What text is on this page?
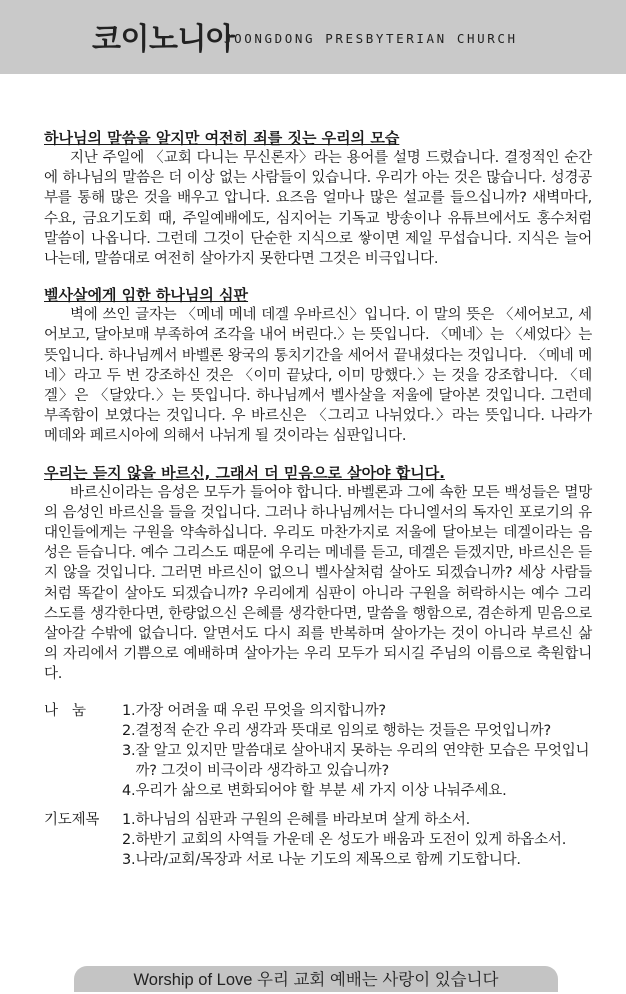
코이노니아
JOONGDONG PRESBYTERIAN CHURCH

하나님의 말씀을 알지만 여전히 죄를 짓는 우리의 모습

지난 주일에 〈교회 다니는 무신론자〉라는 용어를 설명 드렸습니다. 결정적인 순간에 하나님의 말씀은 더 이상 없는 사람들이 있습니다. 우리가 아는 것은 많습니다. 성경공부를 통해 많은 것을 배우고 압니다. 요즈음 얼마나 많은 설교를 들으십니까? 새벽마다, 수요, 금요기도회 때, 주일예배에도, 심지어는 기독교 방송이나 유튜브에서도 홍수처럼 말씀이 나옵니다. 그런데 그것이 단순한 지식으로 쌓이면 제일 무섭습니다. 지식은 늘어나는데, 말씀대로 여전히 살아가지 못한다면 그것은 비극입니다.

벨사살에게 임한 하나님의 심판

벽에 쓰인 글자는 〈메네 메네 데겔 우바르신〉입니다. 이 말의 뜻은 〈세어보고, 세어보고, 달아보매 부족하여 조각을 내어 버린다.〉는 뜻입니다. 〈메네〉는 〈세었다〉는 뜻입니다. 하나님께서 바벨론 왕국의 통치기간을 세어서 끝내셨다는 것입니다. 〈메네 메네〉라고 두 번 강조하신 것은 〈이미 끝났다, 이미 망했다.〉는 것을 강조합니다. 〈데겔〉은 〈달았다.〉는 뜻입니다. 하나님께서 벨사살을 저울에 달아본 것입니다. 그런데 부족함이 보였다는 것입니다. 우 바르신은 〈그리고 나뉘었다.〉라는 뜻입니다. 나라가 메데와 페르시아에 의해서 나뉘게 될 것이라는 심판입니다.

우리는 듣지 않을 바르신, 그래서 더 믿음으로 살아야 합니다.

바르신이라는 음성은 모두가 들어야 합니다. 바벨론과 그에 속한 모든 백성들은 멸망의 음성인 바르신을 들을 것입니다. 그러나 하나님께서는 다니엘서의 독자인 포로기의 유대인들에게는 구원을 약속하십니다. 우리도 마찬가지로 저울에 달아보는 데겔이라는 음성은 듣습니다. 예수 그리스도 때문에 우리는 메네를 듣고, 데겔은 듣겠지만, 바르신은 듣지 않을 것입니다. 그러면 바르신이 없으니 벨사살처럼 살아도 되겠습니까? 세상 사람들처럼 똑같이 살아도 되겠습니까? 우리에게 심판이 아니라 구원을 허락하시는 예수 그리스도를 생각한다면, 한량없으신 은혜를 생각한다면, 말씀을 행함으로, 겸손하게 믿음으로 살아갈 수밖에 없습니다. 알면서도 다시 죄를 반복하며 살아가는 것이 아니라 부르신 삶의 자리에서 기쁨으로 예배하며 살아가는 우리 모두가 되시길 주님의 이름으로 축원합니다.

나눔	1. 가장 어려울 때 우린 무엇을 의지합니까?
2. 결정적 순간 우리 생각과 뜻대로 임의로 행하는 것들은 무엇입니까?
3. 잘 알고 있지만 말씀대로 살아내지 못하는 우리의 연약한 모습은 무엇입니까? 그것이 비극이라 생각하고 있습니까?
4. 우리가 삶으로 변화되어야 할 부분 세 가지 이상 나눠주세요.
기도제목	1. 하나님의 심판과 구원의 은혜를 바라보며 살게 하소서.
2. 하반기 교회의 사역들 가운데 온 성도가 배움과 도전이 있게 하옵소서.
3. 나라/교회/목장과 서로 나눈 기도의 제목으로 함께 기도합니다.
Worship of Love 우리 교회 예배는 사랑이 있습니다
